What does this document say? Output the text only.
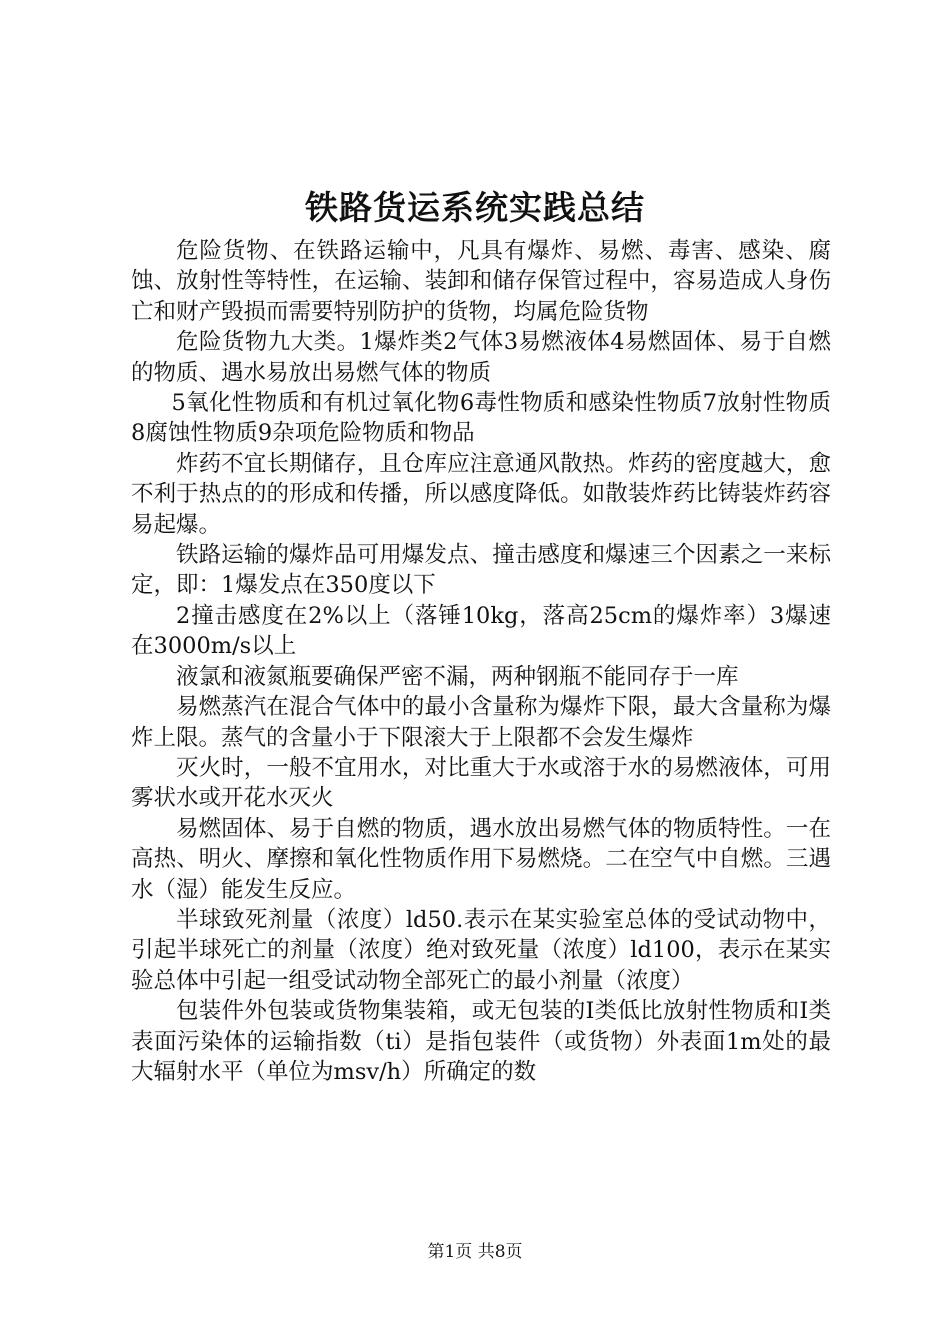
铁路货运系统实践总结

危险货物、在铁路运输中，凡具有爆炸、易燃、毒害、感染、腐蚀、放射性等特性，在运输、装卸和储存保管过程中，容易造成人身伤亡和财产毁损而需要特别防护的货物，均属危险货物

危险货物九大类。1爆炸类2气体3易燃液体4易燃固体、易于自燃的物质、遇水易放出易燃气体的物质

5氧化性物质和有机过氧化物6毒性物质和感染性物质7放射性物质8腐蚀性物质9杂项危险物质和物品

炸药不宜长期储存，且仓库应注意通风散热。炸药的密度越大，愈不利于热点的的形成和传播，所以感度降低。如散装炸药比铸装炸药容易起爆。

铁路运输的爆炸品可用爆发点、撞击感度和爆速三个因素之一来标定，即：1爆发点在350度以下

2撞击感度在2%以上（落锤10kg，落高25cm的爆炸率）3爆速在3000m/s以上

液氯和液氮瓶要确保严密不漏，两种钢瓶不能同存于一库

易燃蒸汽在混合气体中的最小含量称为爆炸下限，最大含量称为爆炸上限。蒸气的含量小于下限滚大于上限都不会发生爆炸

灭火时，一般不宜用水，对比重大于水或溶于水的易燃液体，可用雾状水或开花水灭火

易燃固体、易于自燃的物质，遇水放出易燃气体的物质特性。一在高热、明火、摩擦和氧化性物质作用下易燃烧。二在空气中自燃。三遇水（湿）能发生反应。

半球致死剂量（浓度）ld50.表示在某实验室总体的受试动物中，引起半球死亡的剂量（浓度）绝对致死量（浓度）ld100，表示在某实验总体中引起一组受试动物全部死亡的最小剂量（浓度）

包装件外包装或货物集装箱，或无包装的Ⅰ类低比放射性物质和Ⅰ类表面污染体的运输指数（ti）是指包装件（或货物）外表面1m处的最大辐射水平（单位为msv/h）所确定的数

第1页 共8页
